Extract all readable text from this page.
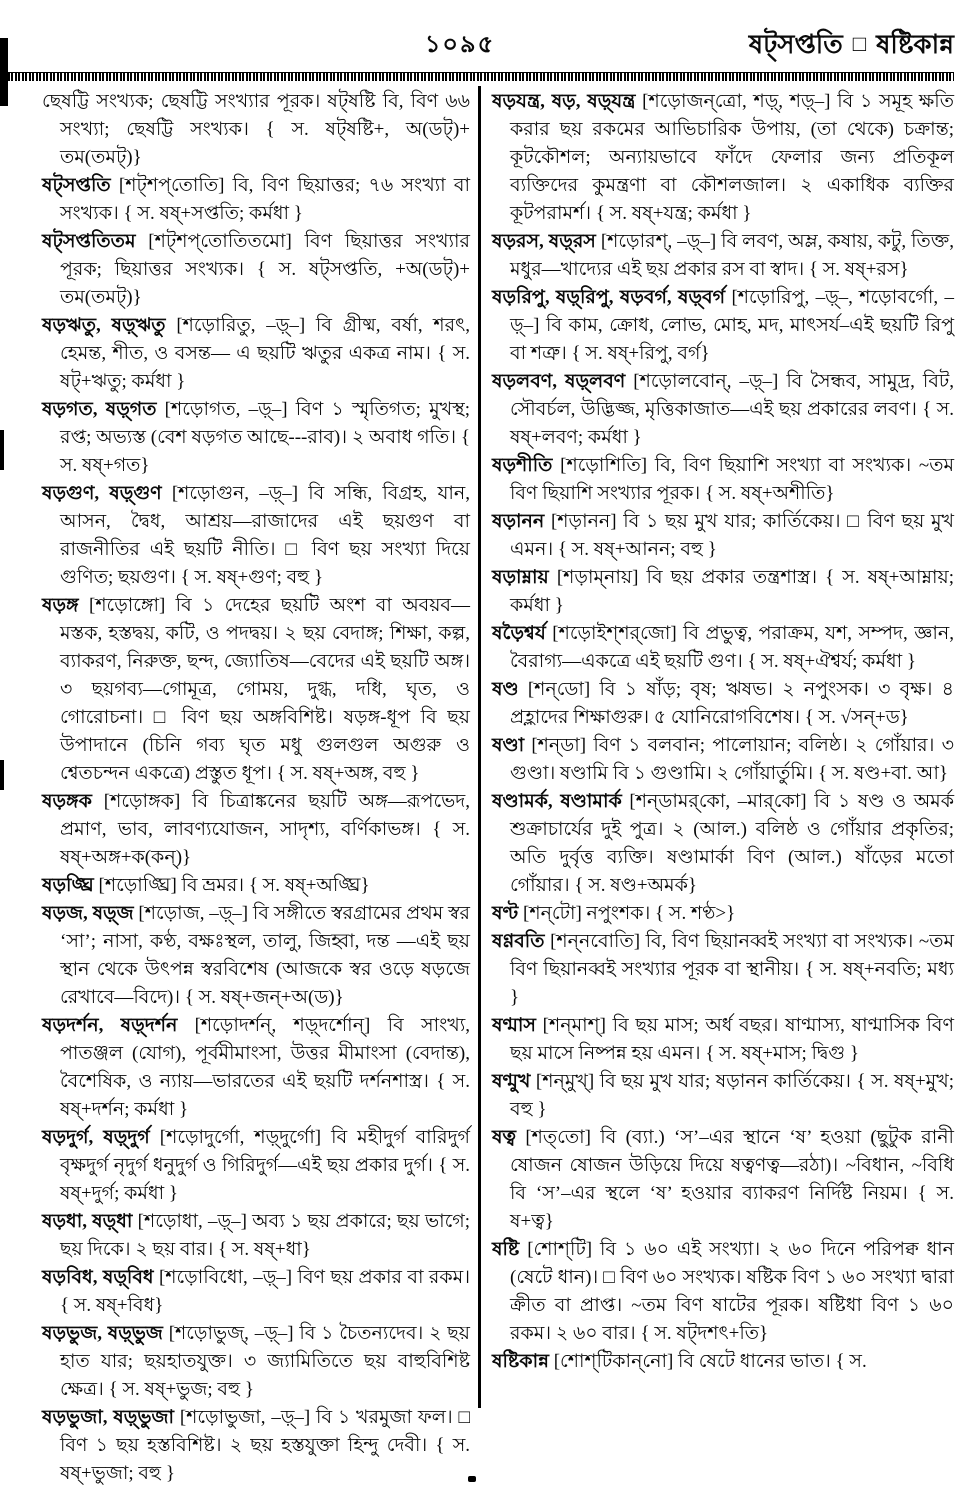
১০৯৫	ষট্‌সপ্ততি □ ষষ্টিকান্ন

ছেষট্টি সংখ্যক; ছেষট্টি সংখ্যার পূরক। ষট্‌ষষ্টি বি, বিণ ৬৬ সংখ্যা; ছেষট্টি সংখ্যক। { স. ষট্‌ষষ্টি+, অ(ডট্)+ তম(তমট্)}

ষট্‌সপ্ততি [শট্‌শপ্‌তোতি] বি, বিণ ছিয়াত্তর; ৭৬ সংখ্যা বা সংখ্যক। { স. ষষ্+সপ্ততি; কর্মধা }

ষট্‌সপ্ততিতম [শট্‌শপ্‌তোতিতমো] বিণ ছিয়াত্তর সংখ্যার পূরক; ছিয়াত্তর সংখ্যক। { স. ষট্‌সপ্ততি, +অ(ডট্)+ তম(তমট্)}

ষড়ঋতু, ষড়্‌ঋতু [শড়োরিতু, –ড়্‌–] বি গ্রীষ্ম, বর্ষা, শরৎ, হেমন্ত, শীত, ও বসন্ত— এ ছয়টি ঋতুর একত্র নাম। { স. ষট্+ঋতু; কর্মধা }

ষড়গত, ষড়্‌গত [শড়োগত, –ড়্‌–] বিণ ১ স্মৃতিগত; মুখস্থ; রপ্ত; অভ্যস্ত (বেশ ষড়গত আছে---রাব)। ২ অবাধ গতি। { স. ষষ্+গত}

ষড়গুণ, ষড়্‌গুণ [শড়োগুন, –ড়্‌–] বি সন্ধি, বিগ্রহ, যান, আসন, দ্বৈধ, আশ্রয়—রাজাদের এই ছয়গুণ বা রাজনীতির এই ছয়টি নীতি। □ বিণ ছয় সংখ্যা দিয়ে গুণিত; ছয়গুণ। { স. ষষ্+গুণ; বহু }

ষড়ঙ্গ [শড়োঙ্গো] বি ১ দেহের ছয়টি অংশ বা অবয়ব— মস্তক, হস্তদ্বয়, কটি, ও পদদ্বয়। ২ ছয় বেদাঙ্গ; শিক্ষা, কল্প, ব্যাকরণ, নিরুক্ত, ছন্দ, জ্যোতিষ—বেদের এই ছয়টি অঙ্গ। ৩ ছয়গব্য—গোমূত্র, গোময়, দুগ্ধ, দধি, ঘৃত, ও গোরোচনা। □ বিণ ছয় অঙ্গবিশিষ্ট। ষড়ঙ্গ-ধূপ বি ছয় উপাদানে (চিনি গব্য ঘৃত মধু গুলগুল অগুরু ও শ্বেতচন্দন একত্রে) প্রস্তুত ধূপ। { স. ষষ্+অঙ্গ, বহু }

ষড়ঙ্গক [শড়োঙ্গক] বি চিত্রাঙ্কনের ছয়টি অঙ্গ—রূপভেদ, প্রমাণ, ভাব, লাবণ্যযোজন, সাদৃশ্য, বর্ণিকাভঙ্গ। { স. ষষ্+অঙ্গ+ক(কন্)}

ষড়ঙ্ঘ্রি [শড়োঙ্ঘ্রি] বি ভ্রমর। { স. ষষ্+অঙ্ঘ্রি}

ষড়জ, ষড়্‌জ [শড়োজ, –ড়্‌–] বি সঙ্গীতে স্বরগ্রামের প্রথম স্বর ‘সা’; নাসা, কণ্ঠ, বক্ষঃস্থল, তালু, জিহ্বা, দন্ত —এই ছয় স্থান থেকে উৎপন্ন স্বরবিশেষ (আজকে স্বর ওড়ে ষড়জে রেখাবে—বিদে)। { স. ষষ্+জন্+অ(ড)}

ষড়দর্শন, ষড়্‌দর্শন [শড়োদর্শন্, শড়্‌দর্শোন্] বি সাংখ্য, পাতঞ্জল (যোগ), পূর্বমীমাংসা, উত্তর মীমাংসা (বেদান্ত), বৈশেষিক, ও ন্যায়—ভারতের এই ছয়টি দর্শনশাস্ত্র। { স. ষষ্+দর্শন; কর্মধা }

ষড়দুর্গ, ষড়্‌দুর্গ [শড়োদুর্গো, শড়্‌দুর্গো] বি মহীদুর্গ বারিদুর্গ বৃক্ষদুর্গ নৃদুর্গ ধনুদুর্গ ও গিরিদুর্গ—এই ছয় প্রকার দুর্গ। { স. ষষ্+দুর্গ; কর্মধা }

ষড়ধা, ষড়্‌ধা [শড়োধা, –ড়্‌–] অব্য ১ ছয় প্রকারে; ছয় ভাগে; ছয় দিকে। ২ ছয় বার। { স. ষষ্+ধা}

ষড়বিধ, ষড়্‌বিধ [শড়োবিধো, –ড়্‌–] বিণ ছয় প্রকার বা রকম। { স. ষষ্+বিধ}

ষড়ভুজ, ষড়্‌ভুজ [শড়োভুজ্, –ড়্‌–] বি ১ চৈতন্যদেব। ২ ছয় হাত যার; ছয়হাতযুক্ত। ৩ জ্যামিতিতে ছয় বাহুবিশিষ্ট ক্ষেত্র। { স. ষষ্+ভুজ; বহু }

ষড়ভুজা, ষড়্‌ভুজা [শড়োভুজা, –ড়্‌–] বি ১ খরমুজা ফল। □ বিণ ১ ছয় হস্তবিশিষ্ট। ২ ছয় হস্তযুক্তা হিন্দু দেবী। { স. ষষ্+ভুজা; বহু }

ষড়যন্ত্র, ষড়, ষড়্‌যন্ত্র [শড়োজন্‌ত্রো, শড়্, শড়্‌–] বি ১ সমূহ ক্ষতি করার ছয় রকমের আভিচারিক উপায়, (তা থেকে) চক্রান্ত; কূটকৌশল; অন্যায়ভাবে ফাঁদে ফেলার জন্য প্রতিকূল ব্যক্তিদের কুমন্ত্রণা বা কৌশলজাল। ২ একাধিক ব্যক্তির কূটপরামর্শ। { স. ষষ্+যন্ত্র; কর্মধা }

ষড়রস, ষড়্‌রস [শড়োরশ্, –ড়্‌–] বি লবণ, অম্ল, কষায়, কটু, তিক্ত, মধুর—খাদ্যের এই ছয় প্রকার রস বা স্বাদ। { স. ষষ্+রস}

ষড়রিপু, ষড়্‌রিপু, ষড়বর্গ, ষড়্‌বর্গ [শড়োরিপু, –ড়্‌–, শড়োবর্গো, –ড়্‌–] বি কাম, ক্রোধ, লোভ, মোহ, মদ, মাৎসর্য–এই ছয়টি রিপু বা শত্রু। { স. ষষ্+রিপু, বর্গ}

ষড়লবণ, ষড়্‌লবণ [শড়োলবোন্, –ড়্‌–] বি সৈন্ধব, সামুদ্র, বিট, সৌবর্চল, উদ্ভিজ্জ, মৃত্তিকাজাত—এই ছয় প্রকারের লবণ। { স. ষষ্+লবণ; কর্মধা }

ষড়শীতি [শড়োশিতি] বি, বিণ ছিয়াশি সংখ্যা বা সংখ্যক। ~তম বিণ ছিয়াশি সংখ্যার পূরক। { স. ষষ্+অশীতি}

ষড়ানন [শড়ানন] বি ১ ছয় মুখ যার; কার্তিকেয়। □ বিণ ছয় মুখ এমন। { স. ষষ্+আনন; বহু }

ষড়াম্নায় [শড়াম্‌নায়] বি ছয় প্রকার তন্ত্রশাস্ত্র। { স. ষষ্+আম্নায়; কর্মধা }

ষড়ৈশ্বর্য [শড়োইশ্‌শর্‌জো] বি প্রভুত্ব, পরাক্রম, যশ, সম্পদ, জ্ঞান, বৈরাগ্য—একত্রে এই ছয়টি গুণ। { স. ষষ্+ঐশ্বর্য; কর্মধা }

ষণ্ড [শন্‌ডো] বি ১ ষাঁড়; বৃষ; ঋষভ। ২ নপুংসক। ৩ বৃক্ষ। ৪ প্রহ্লাদের শিক্ষাগুরু। ৫ যোনিরোগবিশেষ। { স. √সন্+ড}

ষণ্ডা [শন্‌ডা] বিণ ১ বলবান; পালোয়ান; বলিষ্ঠ। ২ গোঁয়ার। ৩ গুণ্ডা। ষণ্ডামি বি ১ গুণ্ডামি। ২ গোঁয়ার্তুমি। { স. ষণ্ড+বা. আ}

ষণ্ডামর্ক, ষণ্ডামার্ক [শন্‌ডামর্‌কো, –মার্‌কো] বি ১ ষণ্ড ও অমর্ক শুক্রাচার্যের দুই পুত্র। ২ (আল.) বলিষ্ঠ ও গোঁয়ার প্রকৃতির; অতি দুর্বৃত্ত ব্যক্তি। ষণ্ডামার্কা বিণ (আল.) ষাঁড়ের মতো গোঁয়ার। { স. ষণ্ড+অমর্ক}

ষণ্ট [শন্‌টো] নপুংশক। { স. শণ্ঠ>}

ষণ্ণবতি [শন্‌নবোতি] বি, বিণ ছিয়ানব্বই সংখ্যা বা সংখ্যক। ~তম বিণ ছিয়ানব্বই সংখ্যার পূরক বা স্থানীয়। { স. ষষ্+নবতি; মধ্য }

ষণ্মাস [শন্‌মাশ্] বি ছয় মাস; অর্ধ বছর। ষাণ্মাস্য, ষাণ্মাসিক বিণ ছয় মাসে নিষ্পন্ন হয় এমন। { স. ষষ্+মাস; দ্বিগু }

ষণ্মুখ [শন্‌মুখ্] বি ছয় মুখ যার; ষড়ানন কার্তিকেয়। { স. ষষ্+মুখ; বহু }

ষত্ব [শত্‌তো] বি (ব্যা.) ‘স’–এর স্থানে ‘ষ’ হওয়া (ছুটুক রানী ষোজন ষোজন উড়িয়ে দিয়ে ষত্বণত্ব—রঠা)। ~বিধান, ~বিধি বি ‘স’–এর স্থলে ‘ষ’ হওয়ার ব্যাকরণ নির্দিষ্ট নিয়ম। { স. ষ+ত্ব}

ষষ্টি [শোশ্‌টি] বি ১ ৬০ এই সংখ্যা। ২ ৬০ দিনে পরিপক্ব ধান (ষেটে ধান)। □ বিণ ৬০ সংখ্যক। ষষ্টিক বিণ ১ ৬০ সংখ্যা দ্বারা ক্রীত বা প্রাপ্ত। ~তম বিণ ষাটের পূরক। ষষ্টিধা বিণ ১ ৬০ রকম। ২ ৬০ বার। { স. ষট্‌দশৎ+তি}

ষষ্টিকান্ন [শোশ্‌টিকান্‌নো] বি ষেটে ধানের ভাত। { স.
